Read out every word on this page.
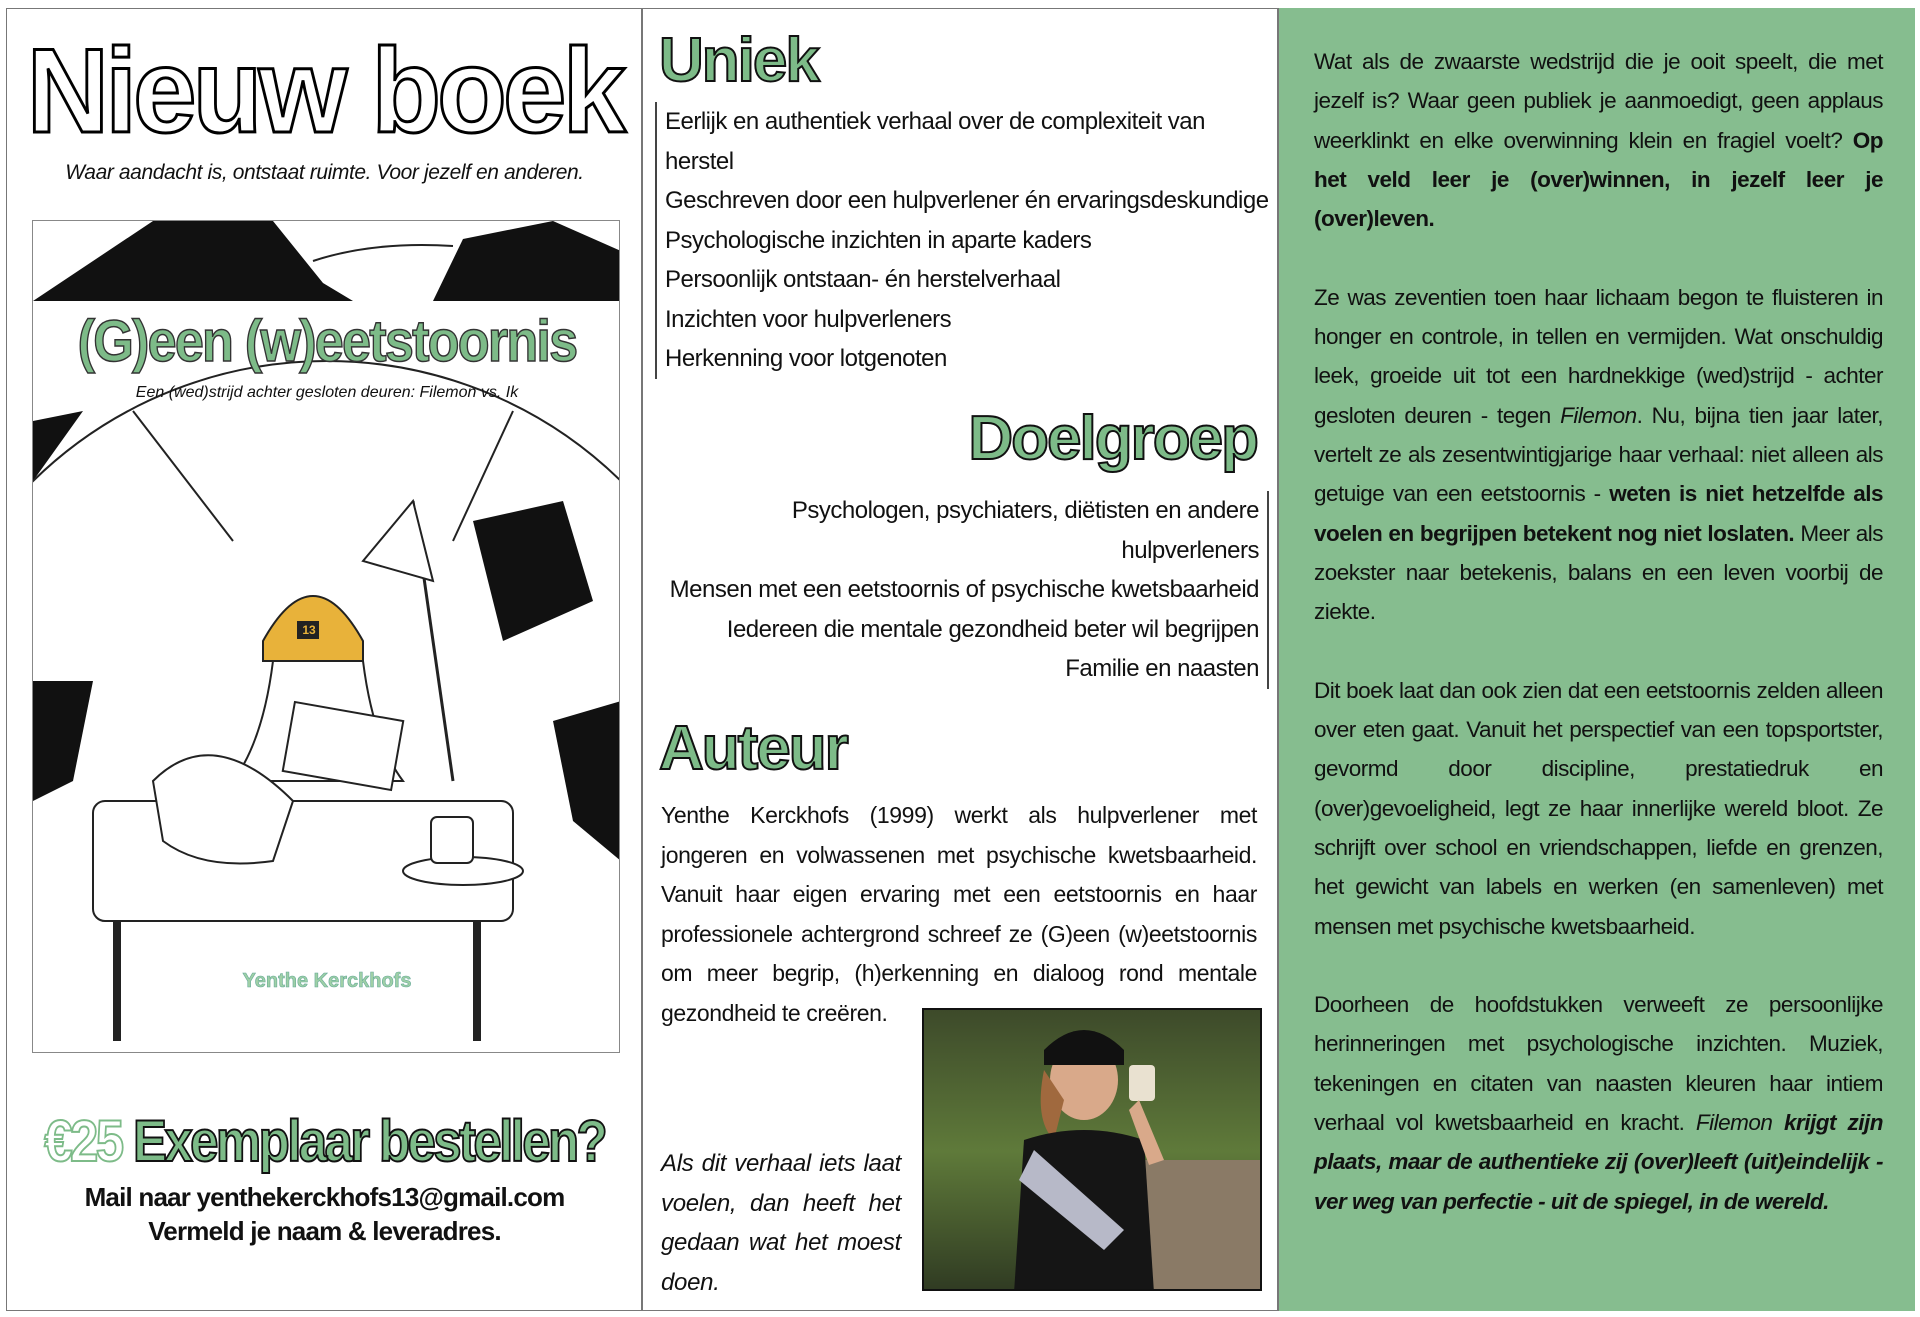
Nieuw boek
Waar aandacht is, ontstaat ruimte. Voor jezelf en anderen.
(G)een (w)eetstoornis
Een (wed)strijd achter gesloten deuren: Filemon vs. Ik
13
Yenthe Kerckhofs
€25 Exemplaar bestellen?
Mail naar yenthekerckhofs13@gmail.com
Vermeld je naam & leveradres.
Uniek
Eerlijk en authentiek verhaal over de complexiteit van herstel
Geschreven door een hulpverlener én ervaringsdeskundige
Psychologische inzichten in aparte kaders
Persoonlijk ontstaan- én herstelverhaal
Inzichten voor hulpverleners
Herkenning voor lotgenoten
Doelgroep
Psychologen, psychiaters, diëtisten en andere hulpverleners
Mensen met een eetstoornis of psychische kwetsbaarheid
Iedereen die mentale gezondheid beter wil begrijpen
Familie en naasten
Auteur
Yenthe Kerckhofs (1999) werkt als hulpverlener met jongeren en volwassenen met psychische kwetsbaarheid. Vanuit haar eigen ervaring met een eetstoornis en haar professionele achtergrond schreef ze (G)een (w)eetstoornis om meer begrip, (h)erkenning en dialoog rond mentale gezondheid te creëren.
Als dit verhaal iets laat voelen, dan heeft het gedaan wat het moest doen.

Wat als de zwaarste wedstrijd die je ooit speelt, die met jezelf is? Waar geen publiek je aanmoedigt, geen applaus weerklinkt en elke overwinning klein en fragiel voelt? Op het veld leer je (over)winnen, in jezelf leer je (over)leven.

Ze was zeventien toen haar lichaam begon te fluisteren in honger en controle, in tellen en vermijden. Wat onschuldig leek, groeide uit tot een hardnekkige (wed)strijd - achter gesloten deuren - tegen Filemon. Nu, bijna tien jaar later, vertelt ze als zesentwintigjarige haar verhaal: niet alleen als getuige van een eetstoornis - weten is niet hetzelfde als voelen en begrijpen betekent nog niet loslaten. Meer als zoekster naar betekenis, balans en een leven voorbij de ziekte.

Dit boek laat dan ook zien dat een eetstoornis zelden alleen over eten gaat. Vanuit het perspectief van een topsportster, gevormd door discipline, prestatiedruk en (over)gevoeligheid, legt ze haar innerlijke wereld bloot. Ze schrijft over school en vriendschappen, liefde en grenzen, het gewicht van labels en werken (en samenleven) met mensen met psychische kwetsbaarheid.

Doorheen de hoofdstukken verweeft ze persoonlijke herinneringen met psychologische inzichten. Muziek, tekeningen en citaten van naasten kleuren haar intiem verhaal vol kwetsbaarheid en kracht. Filemon krijgt zijn plaats, maar de authentieke zij (over)leeft (uit)eindelijk - ver weg van perfectie - uit de spiegel, in de wereld.
